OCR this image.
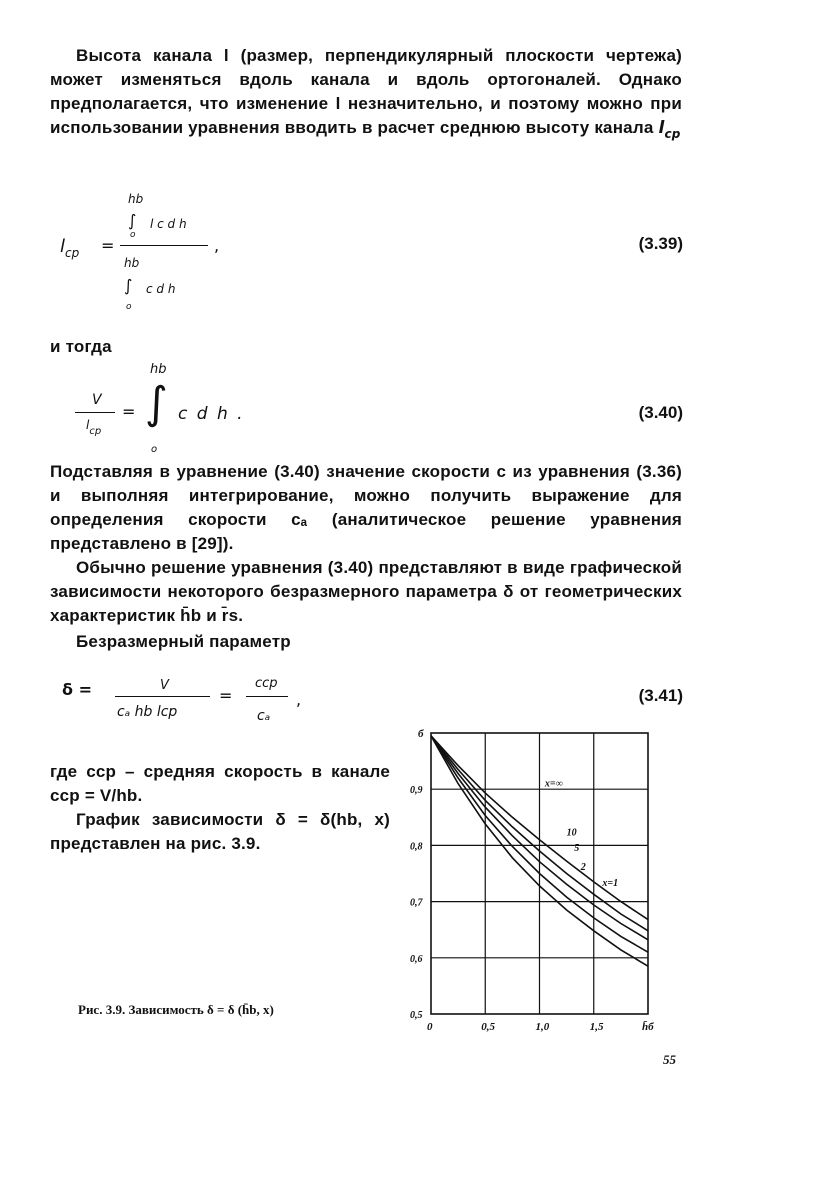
Высота канала l (размер, перпендикулярный плоскости чертежа) может изменяться вдоль канала и вдоль ортогоналей. Однако предполагается, что изменение l незначительно, и поэтому можно при использовании уравнения вводить в расчет среднюю высоту канала $l_{ср}$
hb
∫ l c d h
o
$l_{ср}$ =	,
hb
∫ c d h
o
(3.39)
и тогда
V
$l_{ср}$
=
hb
∫ c d h .
o
(3.40)
Подставляя в уравнение (3.40) значение скорости c из уравнения (3.36) и выполняя интегрирование, можно получить выражение для определения скорости cₐ (аналитическое решение уравнения представлено в [29]).
Обычно решение уравнения (3.40) представляют в виде графической зависимости некоторого безразмерного параметра δ от геометрических характеристик h̄b и r̄s.
Безразмерный параметр
δ =	V
cₐ hb lср
=
cср
cₐ
,	(3.41)
где cср – средняя скорость в канале cср = V/hb.
График зависимости δ = δ(hb, x) представлен на рис. 3.9.
0	0,5	1,0	1,5	h̄б
0,5
0,6
0,7
0,8
0,9
б
x=∞
10
5
2
x=1
Рис. 3.9. Зависимость δ = δ (h̄b, x)
55
